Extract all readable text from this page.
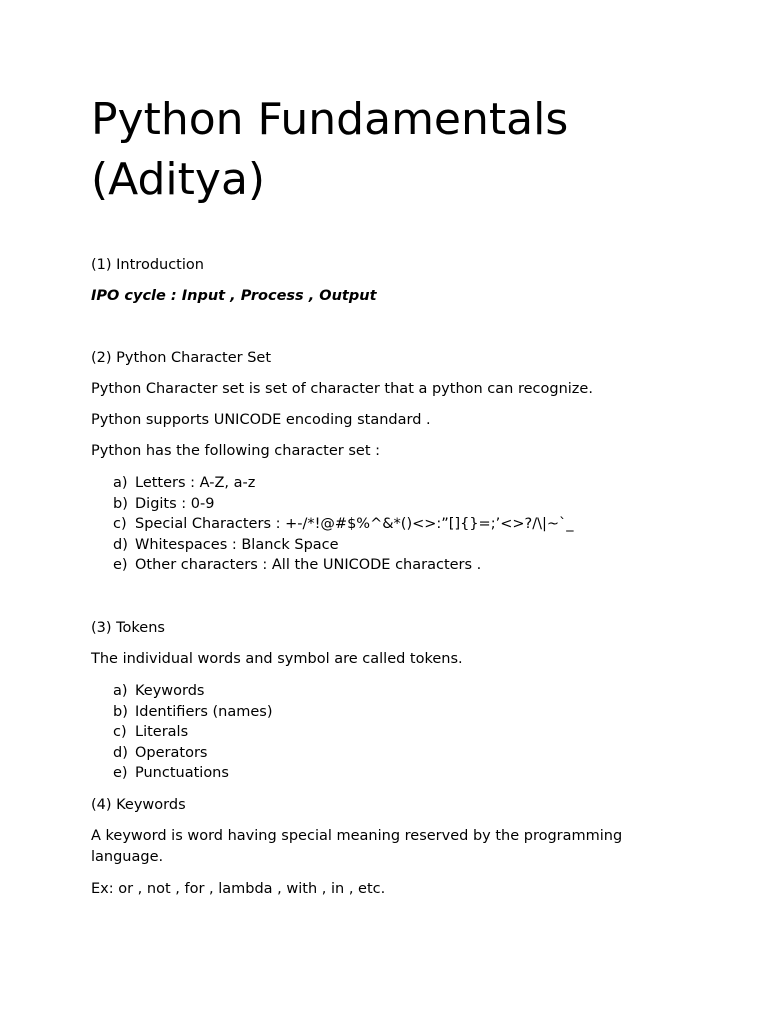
Python Fundamentals (Aditya)
(1) Introduction
IPO cycle : Input , Process , Output
(2) Python Character Set
Python Character set is set of character that a python can recognize.
Python supports UNICODE encoding standard .
Python has the following character set :
a) Letters : A-Z, a-z
b) Digits : 0-9
c) Special Characters : +-/*!@#$%^&*()<>:”[]{}=;’<>?/\|~`_
d) Whitespaces : Blanck Space
e) Other characters : All the UNICODE characters .
(3) Tokens
The individual words and symbol are called tokens.
a) Keywords
b) Identifiers (names)
c) Literals
d) Operators
e) Punctuations
(4) Keywords
A keyword is word having special meaning reserved by the programming language.
Ex: or , not , for , lambda , with , in , etc.
